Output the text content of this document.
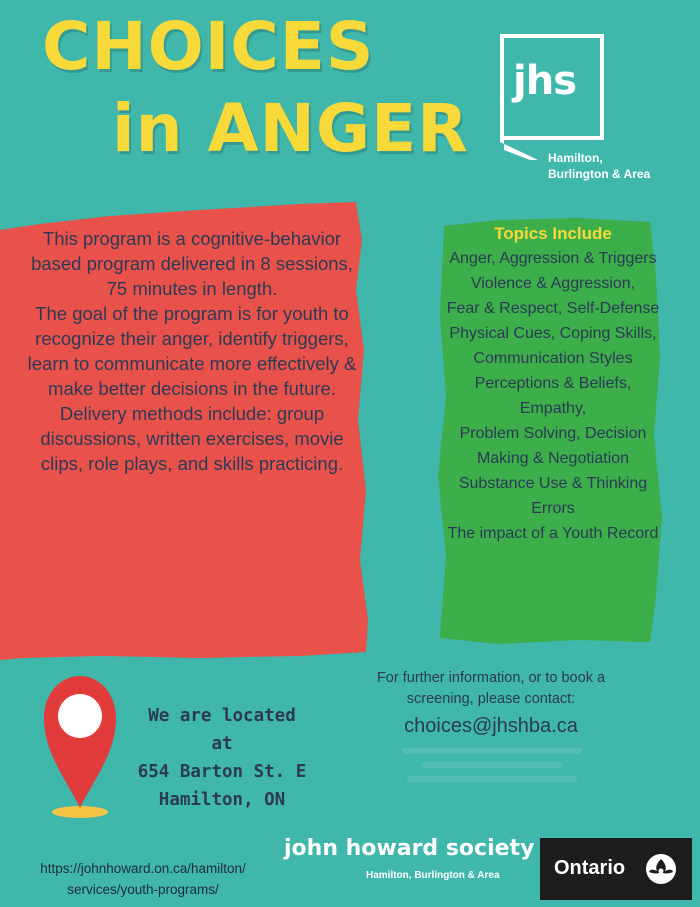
CHOICES
in ANGER
jhs
Hamilton,
Burlington & Area

This program is a cognitive-behavior based program delivered in 8 sessions, 75 minutes in length.

The goal of the program is for youth to recognize their anger, identify triggers, learn to communicate more effectively & make better decisions in the future.

Delivery methods include: group discussions, written exercises, movie clips, role plays, and skills practicing.

Topics Include
Anger, Aggression & Triggers
Violence & Aggression,
Fear & Respect, Self-Defense
Physical Cues, Coping Skills,
Communication Styles
Perceptions & Beliefs,
Empathy,
Problem Solving, Decision Making & Negotiation
Substance Use & Thinking Errors
The impact of a Youth Record
For further information, or to book a screening, please contact:
choices@jhshba.ca
We are located
at
654 Barton St. E
Hamilton, ON
https://johnhoward.on.ca/hamilton/
services/youth-programs/
john howard society
Hamilton, Burlington & Area	Ontario
